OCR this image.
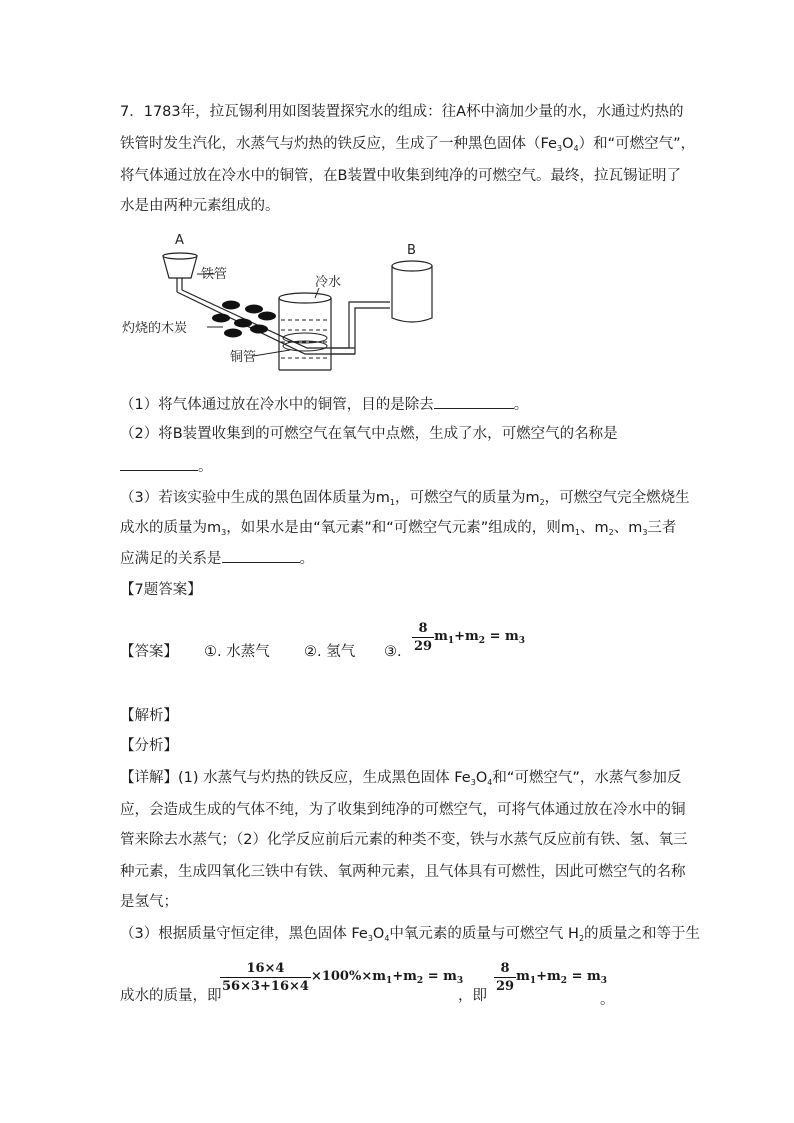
7．1783年，拉瓦锡利用如图装置探究水的组成：往A杯中滴加少量的水，水通过灼热的
铁管时发生汽化，水蒸气与灼热的铁反应，生成了一种黑色固体$(Fe_3O_4)$和“可燃空气”，
将气体通过放在冷水中的铜管，在B装置中收集到纯净的可燃空气。最终，拉瓦锡证明了
水是由两种元素组成的。
A
B
铁管
冷水
灼烧的木炭
铜管
（1）将气体通过放在冷水中的铜管，目的是除去	。
（2）将B装置收集到的可燃空气在氧气中点燃，生成了水，可燃空气的名称是
。
（3）若该实验中生成的黑色固体质量为$m_1$，可燃空气的质量为$m_2$，可燃空气完全燃烧生
成水的质量为$m_3$，如果水是由“氧元素”和“可燃空气元素”组成的，则$m_1$、$m_2$、$m_3$三者
应满足的关系是	。
【7题答案】
【答案】 ①. 水蒸气 ②. 氢气 ③. $\frac{8}{29} m_1+m_2 = m_3$
【解析】
【分析】
【详解】(1) 水蒸气与灼热的铁反应，生成黑色固体 $Fe_3O_4$和“可燃空气”，水蒸气参加反
应，会造成生成的气体不纯，为了收集到纯净的可燃空气，可将气体通过放在冷水中的铜
管来除去水蒸气；（2）化学反应前后元素的种类不变，铁与水蒸气反应前有铁、氢、氧三
种元素，生成四氧化三铁中有铁、氧两种元素，且气体具有可燃性，因此可燃空气的名称
是氢气；
（3）根据质量守恒定律，黑色固体 $Fe_3O_4$中氧元素的质量与可燃空气 $H_2$的质量之和等于生
成水的质量，即
$\frac{16\times 4}{56\times 3+16\times 4} \times 100\%\times m_1+m_2 = m_3$
，即
$\frac{8}{29} m_1+m_2 = m_3$
。
